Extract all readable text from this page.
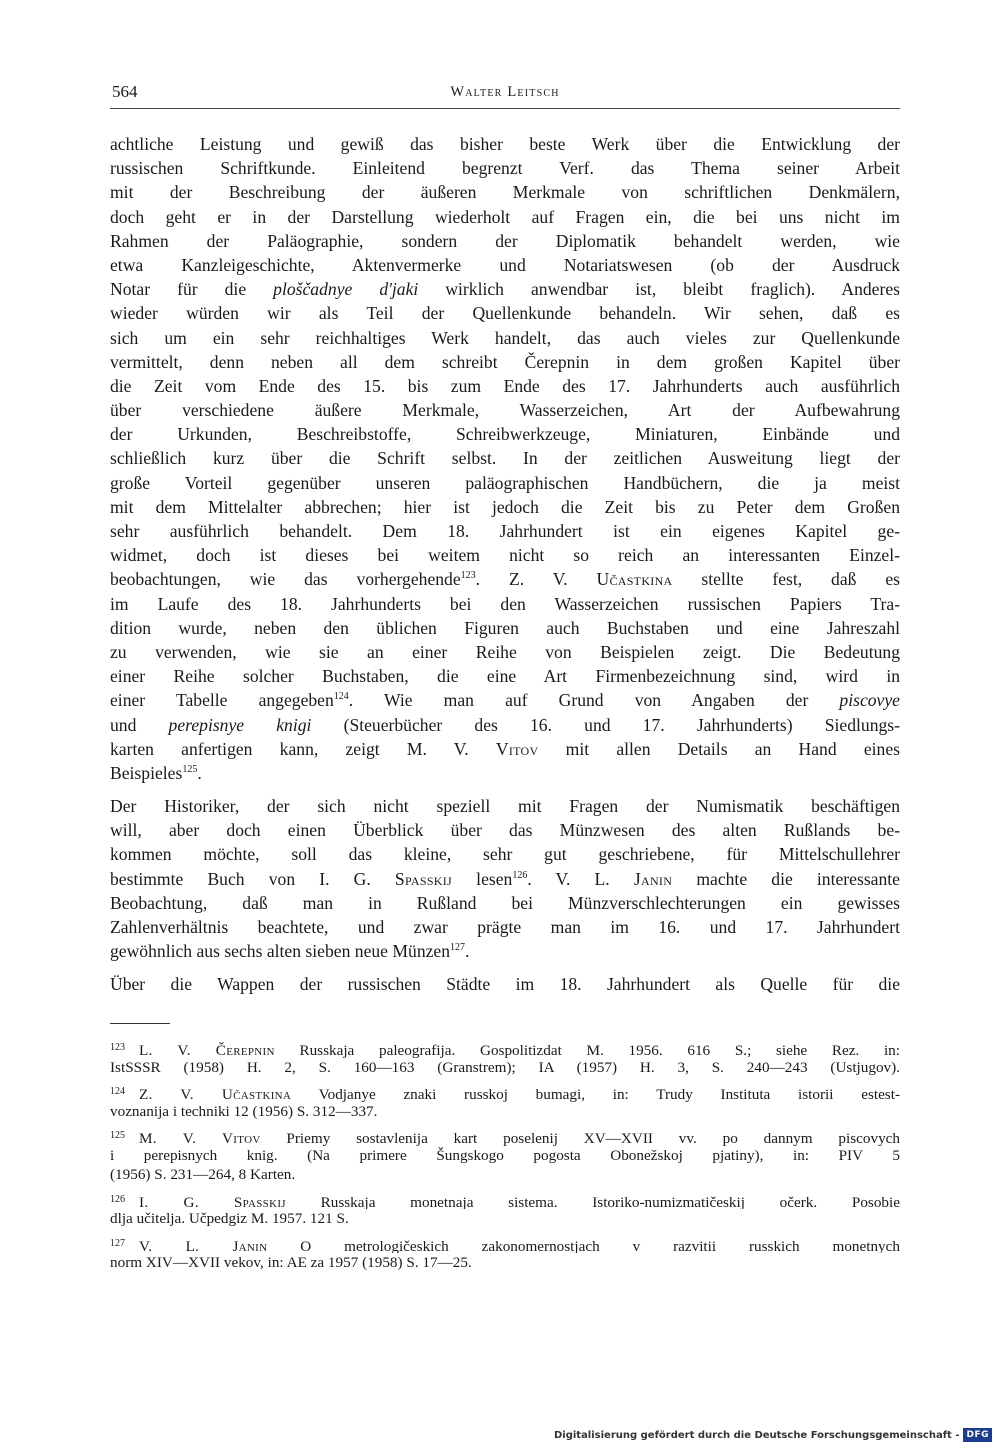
564	Walter Leitsch

achtliche Leistung und gewiß das bisher beste Werk über die Entwicklung der
russischen Schriftkunde. Einleitend begrenzt Verf. das Thema seiner Arbeit
mit der Beschreibung der äußeren Merkmale von schriftlichen Denkmälern,
doch geht er in der Darstellung wiederholt auf Fragen ein, die bei uns nicht im
Rahmen der Paläographie, sondern der Diplomatik behandelt werden, wie
etwa Kanzleigeschichte, Aktenvermerke und Notariatswesen (ob der Ausdruck
Notar für die ploščadnye d'jaki wirklich anwendbar ist, bleibt fraglich). Anderes
wieder würden wir als Teil der Quellenkunde behandeln. Wir sehen, daß es
sich um ein sehr reichhaltiges Werk handelt, das auch vieles zur Quellenkunde
vermittelt, denn neben all dem schreibt Čerepnin in dem großen Kapitel über
die Zeit vom Ende des 15. bis zum Ende des 17. Jahrhunderts auch ausführlich
über verschiedene äußere Merkmale, Wasserzeichen, Art der Aufbewahrung
der Urkunden, Beschreibstoffe, Schreibwerkzeuge, Miniaturen, Einbände und
schließlich kurz über die Schrift selbst. In der zeitlichen Ausweitung liegt der
große Vorteil gegenüber unseren paläographischen Handbüchern, die ja meist
mit dem Mittelalter abbrechen; hier ist jedoch die Zeit bis zu Peter dem Großen
sehr ausführlich behandelt. Dem 18. Jahrhundert ist ein eigenes Kapitel ge-
widmet, doch ist dieses bei weitem nicht so reich an interessanten Einzel-
beobachtungen, wie das vorhergehende$^{123}$. Z. V. Učastkina stellte fest, daß es
im Laufe des 18. Jahrhunderts bei den Wasserzeichen russischen Papiers Tra-
dition wurde, neben den üblichen Figuren auch Buchstaben und eine Jahreszahl
zu verwenden, wie sie an einer Reihe von Beispielen zeigt. Die Bedeutung
einer Reihe solcher Buchstaben, die eine Art Firmenbezeichnung sind, wird in
einer Tabelle angegeben$^{124}$. Wie man auf Grund von Angaben der piscovye
und perepisnye knigi (Steuerbücher des 16. und 17. Jahrhunderts) Siedlungs-
karten anfertigen kann, zeigt M. V. Vitov mit allen Details an Hand eines
Beispieles$^{125}$.

Der Historiker, der sich nicht speziell mit Fragen der Numismatik beschäftigen
will, aber doch einen Überblick über das Münzwesen des alten Rußlands be-
kommen möchte, soll das kleine, sehr gut geschriebene, für Mittelschullehrer
bestimmte Buch von I. G. Spasskij lesen$^{126}$. V. L. Janin machte die interessante
Beobachtung, daß man in Rußland bei Münzverschlechterungen ein gewisses
Zahlenverhältnis beachtete, und zwar prägte man im 16. und 17. Jahrhundert
gewöhnlich aus sechs alten sieben neue Münzen$^{127}$.

Über die Wappen der russischen Städte im 18. Jahrhundert als Quelle für die

$^{123}$ L. V. Čerepnin Russkaja paleografija. Gospolitizdat M. 1956. 616 S.; siehe Rez. in:
IstSSSR (1958) H. 2, S. 160—163 (Granstrem); IA (1957) H. 3, S. 240—243 (Ustjugov).
$^{124}$ Z. V. Učastkina Vodjanye znaki russkoj bumagi, in: Trudy Instituta istorii estest-
voznanija i techniki 12 (1956) S. 312—337.
$^{125}$ M. V. Vitov Priemy sostavlenija kart poselenij XV—XVII vv. po dannym piscovych
i perepisnych knig. (Na primere Šungskogo pogosta Obonežskoj pjatiny), in: PIV 5
(1956) S. 231—264, 8 Karten.
$^{126}$ I. G. Spasskij Russkaja monetnaja sistema. Istoriko-numizmatičeskij očerk. Posobie
dlja učitelja. Učpedgiz M. 1957. 121 S.
$^{127}$ V. L. Janin O metrologičeskich zakonomernostjach v razvitii russkich monetnych
norm XIV—XVII vekov, in: AE za 1957 (1958) S. 17—25.
Digitalisierung gefördert durch die Deutsche Forschungsgemeinschaft - DFG
